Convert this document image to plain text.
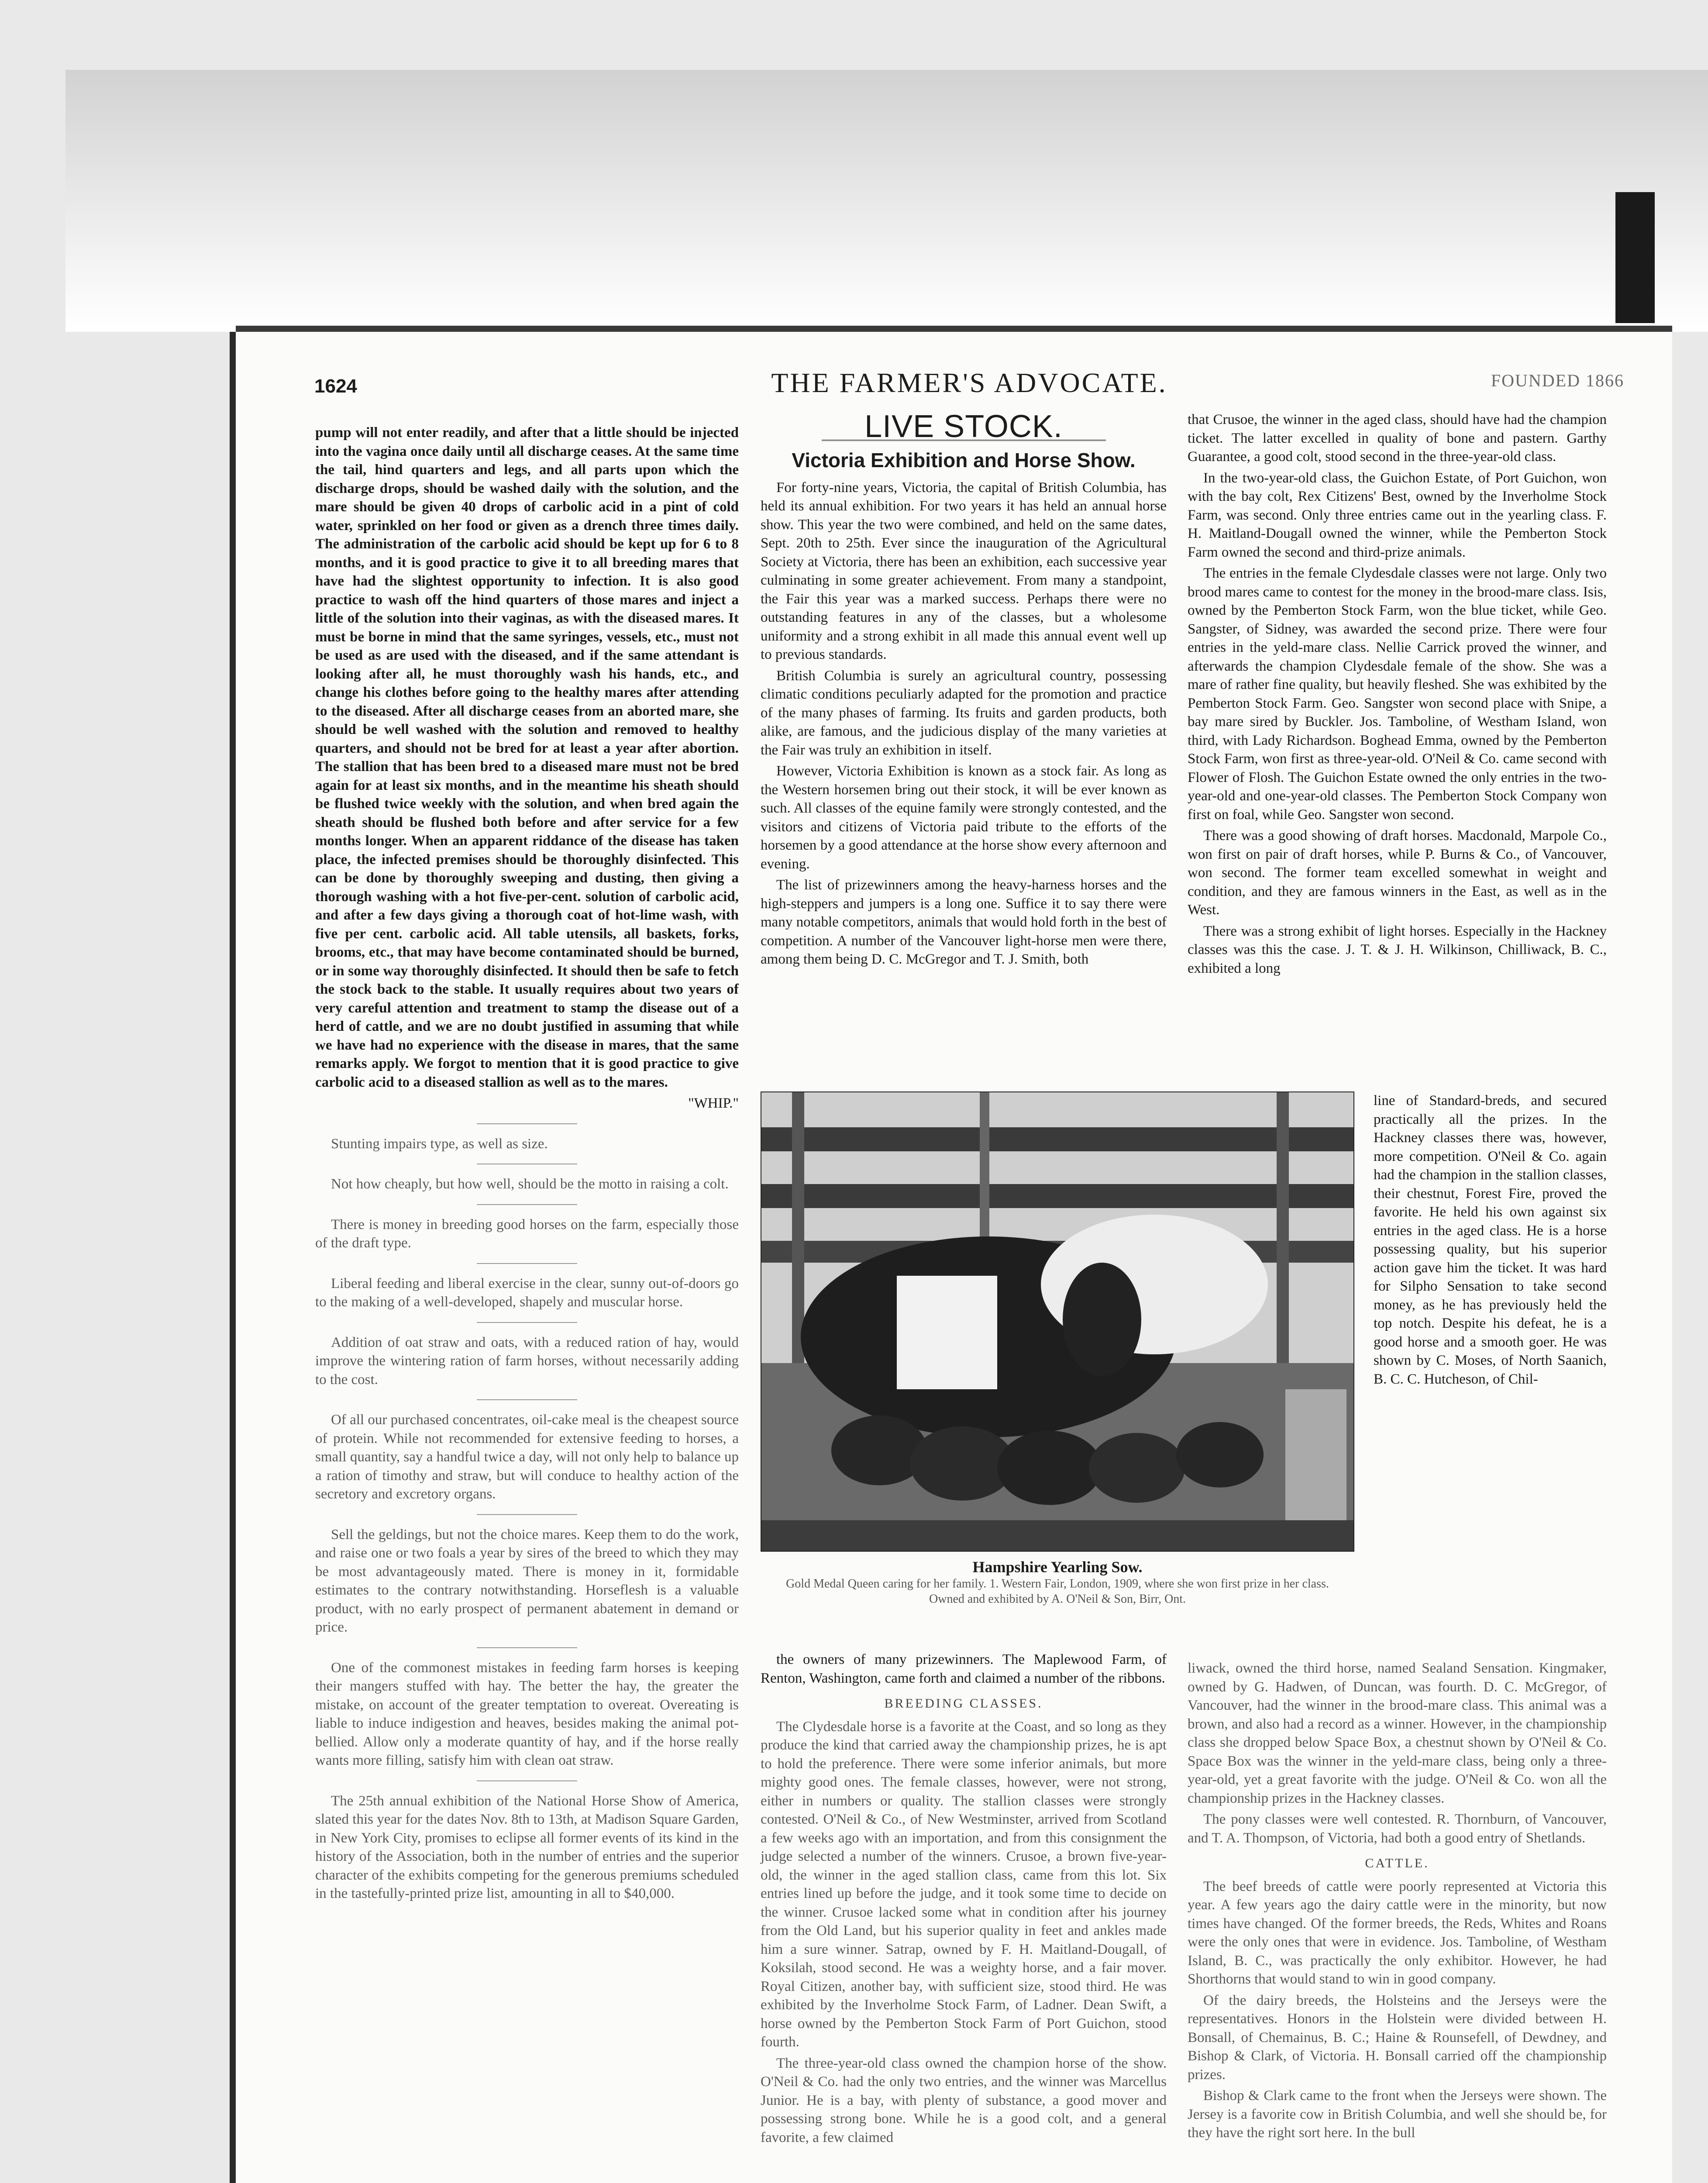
1624	THE FARMER'S ADVOCATE.	FOUNDED 1866

pump will not enter readily, and after that a little should be injected into the vagina once daily until all discharge ceases. At the same time the tail, hind quarters and legs, and all parts upon which the discharge drops, should be washed daily with the solution, and the mare should be given 40 drops of carbolic acid in a pint of cold water, sprinkled on her food or given as a drench three times daily. The administration of the carbolic acid should be kept up for 6 to 8 months, and it is good practice to give it to all breeding mares that have had the slightest opportunity to infection. It is also good practice to wash off the hind quarters of those mares and inject a little of the solution into their vaginas, as with the diseased mares. It must be borne in mind that the same syringes, vessels, etc., must not be used as are used with the diseased, and if the same attendant is looking after all, he must thoroughly wash his hands, etc., and change his clothes before going to the healthy mares after attending to the diseased. After all discharge ceases from an aborted mare, she should be well washed with the solution and removed to healthy quarters, and should not be bred for at least a year after abortion. The stallion that has been bred to a diseased mare must not be bred again for at least six months, and in the meantime his sheath should be flushed twice weekly with the solution, and when bred again the sheath should be flushed both before and after service for a few months longer. When an apparent riddance of the disease has taken place, the infected premises should be thoroughly disinfected. This can be done by thoroughly sweeping and dusting, then giving a thorough washing with a hot five-per-cent. solution of carbolic acid, and after a few days giving a thorough coat of hot-lime wash, with five per cent. carbolic acid. All table utensils, all baskets, forks, brooms, etc., that may have become contaminated should be burned, or in some way thoroughly disinfected. It should then be safe to fetch the stock back to the stable. It usually requires about two years of very careful attention and treatment to stamp the disease out of a herd of cattle, and we are no doubt justified in assuming that while we have had no experience with the disease in mares, that the same remarks apply. We forgot to mention that it is good practice to give carbolic acid to a diseased stallion as well as to the mares.

"WHIP."

Stunting impairs type, as well as size.

Not how cheaply, but how well, should be the motto in raising a colt.

There is money in breeding good horses on the farm, especially those of the draft type.

Liberal feeding and liberal exercise in the clear, sunny out-of-doors go to the making of a well-developed, shapely and muscular horse.

Addition of oat straw and oats, with a reduced ration of hay, would improve the wintering ration of farm horses, without necessarily adding to the cost.

Of all our purchased concentrates, oil-cake meal is the cheapest source of protein. While not recommended for extensive feeding to horses, a small quantity, say a handful twice a day, will not only help to balance up a ration of timothy and straw, but will conduce to healthy action of the secretory and excretory organs.

Sell the geldings, but not the choice mares. Keep them to do the work, and raise one or two foals a year by sires of the breed to which they may be most advantageously mated. There is money in it, formidable estimates to the contrary notwithstanding. Horseflesh is a valuable product, with no early prospect of permanent abatement in demand or price.

One of the commonest mistakes in feeding farm horses is keeping their mangers stuffed with hay. The better the hay, the greater the mistake, on account of the greater temptation to overeat. Overeating is liable to induce indigestion and heaves, besides making the animal pot-bellied. Allow only a moderate quantity of hay, and if the horse really wants more filling, satisfy him with clean oat straw.

The 25th annual exhibition of the National Horse Show of America, slated this year for the dates Nov. 8th to 13th, at Madison Square Garden, in New York City, promises to eclipse all former events of its kind in the history of the Association, both in the number of entries and the superior character of the exhibits competing for the generous premiums scheduled in the tastefully-printed prize list, amounting in all to $40,000.

LIVE STOCK.
Victoria Exhibition and Horse Show.

For forty-nine years, Victoria, the capital of British Columbia, has held its annual exhibition. For two years it has held an annual horse show. This year the two were combined, and held on the same dates, Sept. 20th to 25th. Ever since the inauguration of the Agricultural Society at Victoria, there has been an exhibition, each successive year culminating in some greater achievement. From many a standpoint, the Fair this year was a marked success. Perhaps there were no outstanding features in any of the classes, but a wholesome uniformity and a strong exhibit in all made this annual event well up to previous standards.

British Columbia is surely an agricultural country, possessing climatic conditions peculiarly adapted for the promotion and practice of the many phases of farming. Its fruits and garden products, both alike, are famous, and the judicious display of the many varieties at the Fair was truly an exhibition in itself.

However, Victoria Exhibition is known as a stock fair. As long as the Western horsemen bring out their stock, it will be ever known as such. All classes of the equine family were strongly contested, and the visitors and citizens of Victoria paid tribute to the efforts of the horsemen by a good attendance at the horse show every afternoon and evening.

The list of prizewinners among the heavy-harness horses and the high-steppers and jumpers is a long one. Suffice it to say there were many notable competitors, animals that would hold forth in the best of competition. A number of the Vancouver light-horse men were there, among them being D. C. McGregor and T. J. Smith, both

Hampshire Yearling Sow.
Gold Medal Queen caring for her family. 1. Western Fair, London, 1909, where she won first prize in her class. Owned and exhibited by A. O'Neil & Son, Birr, Ont.

the owners of many prizewinners. The Maplewood Farm, of Renton, Washington, came forth and claimed a number of the ribbons.

BREEDING CLASSES.

The Clydesdale horse is a favorite at the Coast, and so long as they produce the kind that carried away the championship prizes, he is apt to hold the preference. There were some inferior animals, but more mighty good ones. The female classes, however, were not strong, either in numbers or quality. The stallion classes were strongly contested. O'Neil & Co., of New Westminster, arrived from Scotland a few weeks ago with an importation, and from this consignment the judge selected a number of the winners. Crusoe, a brown five-year-old, the winner in the aged stallion class, came from this lot. Six entries lined up before the judge, and it took some time to decide on the winner. Crusoe lacked some what in condition after his journey from the Old Land, but his superior quality in feet and ankles made him a sure winner. Satrap, owned by F. H. Maitland-Dougall, of Koksilah, stood second. He was a weighty horse, and a fair mover. Royal Citizen, another bay, with sufficient size, stood third. He was exhibited by the Inverholme Stock Farm, of Ladner. Dean Swift, a horse owned by the Pemberton Stock Farm of Port Guichon, stood fourth.

The three-year-old class owned the champion horse of the show. O'Neil & Co. had the only two entries, and the winner was Marcellus Junior. He is a bay, with plenty of substance, a good mover and possessing strong bone. While he is a good colt, and a general favorite, a few claimed

that Crusoe, the winner in the aged class, should have had the champion ticket. The latter excelled in quality of bone and pastern. Garthy Guarantee, a good colt, stood second in the three-year-old class.

In the two-year-old class, the Guichon Estate, of Port Guichon, won with the bay colt, Rex Citizens' Best, owned by the Inverholme Stock Farm, was second. Only three entries came out in the yearling class. F. H. Maitland-Dougall owned the winner, while the Pemberton Stock Farm owned the second and third-prize animals.

The entries in the female Clydesdale classes were not large. Only two brood mares came to contest for the money in the brood-mare class. Isis, owned by the Pemberton Stock Farm, won the blue ticket, while Geo. Sangster, of Sidney, was awarded the second prize. There were four entries in the yeld-mare class. Nellie Carrick proved the winner, and afterwards the champion Clydesdale female of the show. She was a mare of rather fine quality, but heavily fleshed. She was exhibited by the Pemberton Stock Farm. Geo. Sangster won second place with Snipe, a bay mare sired by Buckler. Jos. Tamboline, of Westham Island, won third, with Lady Richardson. Boghead Emma, owned by the Pemberton Stock Farm, won first as three-year-old. O'Neil & Co. came second with Flower of Flosh. The Guichon Estate owned the only entries in the two-year-old and one-year-old classes. The Pemberton Stock Company won first on foal, while Geo. Sangster won second.

There was a good showing of draft horses. Macdonald, Marpole Co., won first on pair of draft horses, while P. Burns & Co., of Vancouver, won second. The former team excelled somewhat in weight and condition, and they are famous winners in the East, as well as in the West.

There was a strong exhibit of light horses. Especially in the Hackney classes was this the case. J. T. & J. H. Wilkinson, Chilliwack, B. C., exhibited a long

line of Standard-breds, and secured practically all the prizes. In the Hackney classes there was, however, more competition. O'Neil & Co. again had the champion in the stallion classes, their chestnut, Forest Fire, proved the favorite. He held his own against six entries in the aged class. He is a horse possessing quality, but his superior action gave him the ticket. It was hard for Silpho Sensation to take second money, as he has previously held the top notch. Despite his defeat, he is a good horse and a smooth goer. He was shown by C. Moses, of North Saanich, B. C. C. Hutcheson, of Chil-

liwack, owned the third horse, named Sealand Sensation. Kingmaker, owned by G. Hadwen, of Duncan, was fourth. D. C. McGregor, of Vancouver, had the winner in the brood-mare class. This animal was a brown, and also had a record as a winner. However, in the championship class she dropped below Space Box, a chestnut shown by O'Neil & Co. Space Box was the winner in the yeld-mare class, being only a three-year-old, yet a great favorite with the judge. O'Neil & Co. won all the championship prizes in the Hackney classes.

The pony classes were well contested. R. Thornburn, of Vancouver, and T. A. Thompson, of Victoria, had both a good entry of Shetlands.

CATTLE.

The beef breeds of cattle were poorly represented at Victoria this year. A few years ago the dairy cattle were in the minority, but now times have changed. Of the former breeds, the Reds, Whites and Roans were the only ones that were in evidence. Jos. Tamboline, of Westham Island, B. C., was practically the only exhibitor. However, he had Shorthorns that would stand to win in good company.

Of the dairy breeds, the Holsteins and the Jerseys were the representatives. Honors in the Holstein were divided between H. Bonsall, of Chemainus, B. C.; Haine & Rounsefell, of Dewdney, and Bishop & Clark, of Victoria. H. Bonsall carried off the championship prizes.

Bishop & Clark came to the front when the Jerseys were shown. The Jersey is a favorite cow in British Columbia, and well she should be, for they have the right sort here. In the bull
